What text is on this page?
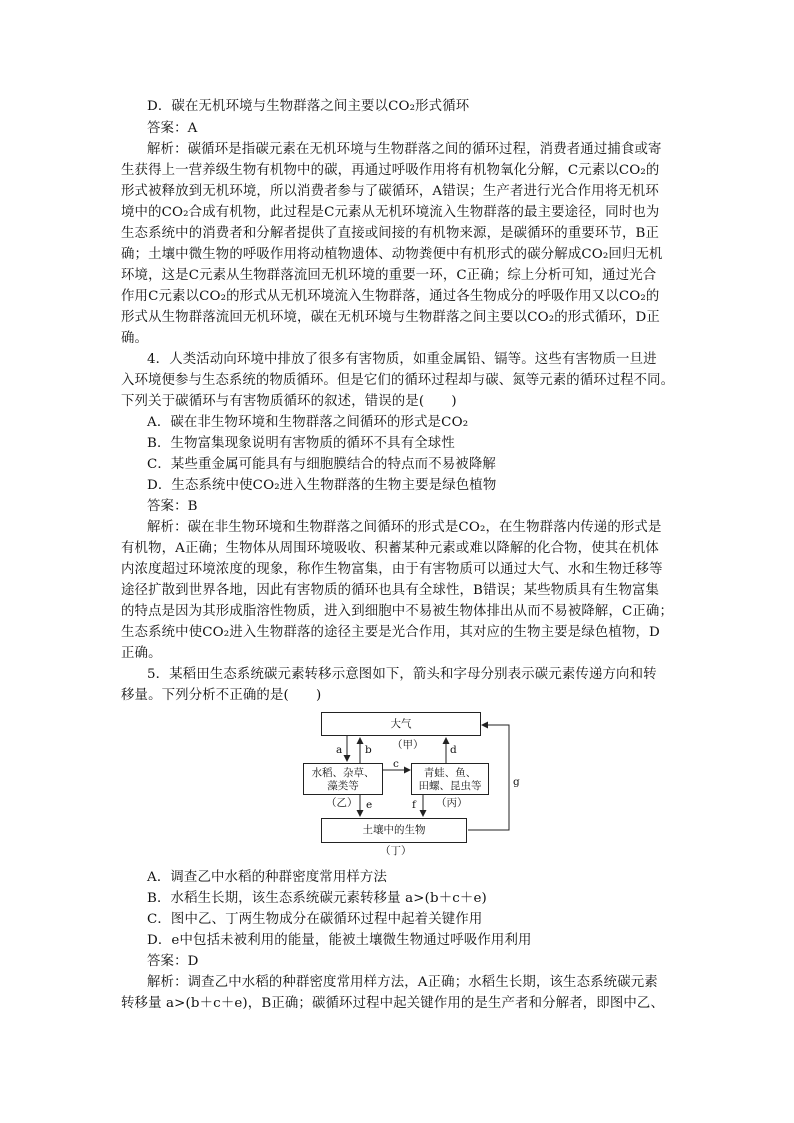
D．碳在无机环境与生物群落之间主要以CO₂形式循环
答案：A
解析：碳循环是指碳元素在无机环境与生物群落之间的循环过程，消费者通过捕食或寄
生获得上一营养级生物有机物中的碳，再通过呼吸作用将有机物氧化分解，C元素以CO₂的
形式被释放到无机环境，所以消费者参与了碳循环，A错误；生产者进行光合作用将无机环
境中的CO₂合成有机物，此过程是C元素从无机环境流入生物群落的最主要途径，同时也为
生态系统中的消费者和分解者提供了直接或间接的有机物来源，是碳循环的重要环节，B正
确；土壤中微生物的呼吸作用将动植物遗体、动物粪便中有机形式的碳分解成CO₂回归无机
环境，这是C元素从生物群落流回无机环境的重要一环，C正确；综上分析可知，通过光合
作用C元素以CO₂的形式从无机环境流入生物群落，通过各生物成分的呼吸作用又以CO₂的
形式从生物群落流回无机环境，碳在无机环境与生物群落之间主要以CO₂的形式循环，D正
确。
4．人类活动向环境中排放了很多有害物质，如重金属铅、镉等。这些有害物质一旦进
入环境便参与生态系统的物质循环。但是它们的循环过程却与碳、氮等元素的循环过程不同。
下列关于碳循环与有害物质循环的叙述，错误的是(　　)
A．碳在非生物环境和生物群落之间循环的形式是CO₂
B．生物富集现象说明有害物质的循环不具有全球性
C．某些重金属可能具有与细胞膜结合的特点而不易被降解
D．生态系统中使CO₂进入生物群落的生物主要是绿色植物
答案：B
解析：碳在非生物环境和生物群落之间循环的形式是CO₂，在生物群落内传递的形式是
有机物，A正确；生物体从周围环境吸收、积蓄某种元素或难以降解的化合物，使其在机体
内浓度超过环境浓度的现象，称作生物富集，由于有害物质可以通过大气、水和生物迁移等
途径扩散到世界各地，因此有害物质的循环也具有全球性，B错误；某些物质具有生物富集
的特点是因为其形成脂溶性物质，进入到细胞中不易被生物体排出从而不易被降解，C正确；
生态系统中使CO₂进入生物群落的途径主要是光合作用，其对应的生物主要是绿色植物，D
正确。
5．某稻田生态系统碳元素转移示意图如下，箭头和字母分别表示碳元素传递方向和转
移量。下列分析不正确的是(　　)
大气
（甲）
水稻、杂草、
藻类等
（乙）
青蛙、鱼、
田螺、昆虫等
（丙）
土壤中的生物
（丁）
a b
c
d
e	f
g
A．调查乙中水稻的种群密度常用样方法
B．水稻生长期，该生态系统碳元素转移量 a>(b＋c＋e)
C．图中乙、丁两生物成分在碳循环过程中起着关键作用
D．e中包括未被利用的能量，能被土壤微生物通过呼吸作用利用
答案：D
解析：调查乙中水稻的种群密度常用样方法，A正确；水稻生长期，该生态系统碳元素
转移量 a>(b＋c＋e)，B正确；碳循环过程中起关键作用的是生产者和分解者，即图中乙、
